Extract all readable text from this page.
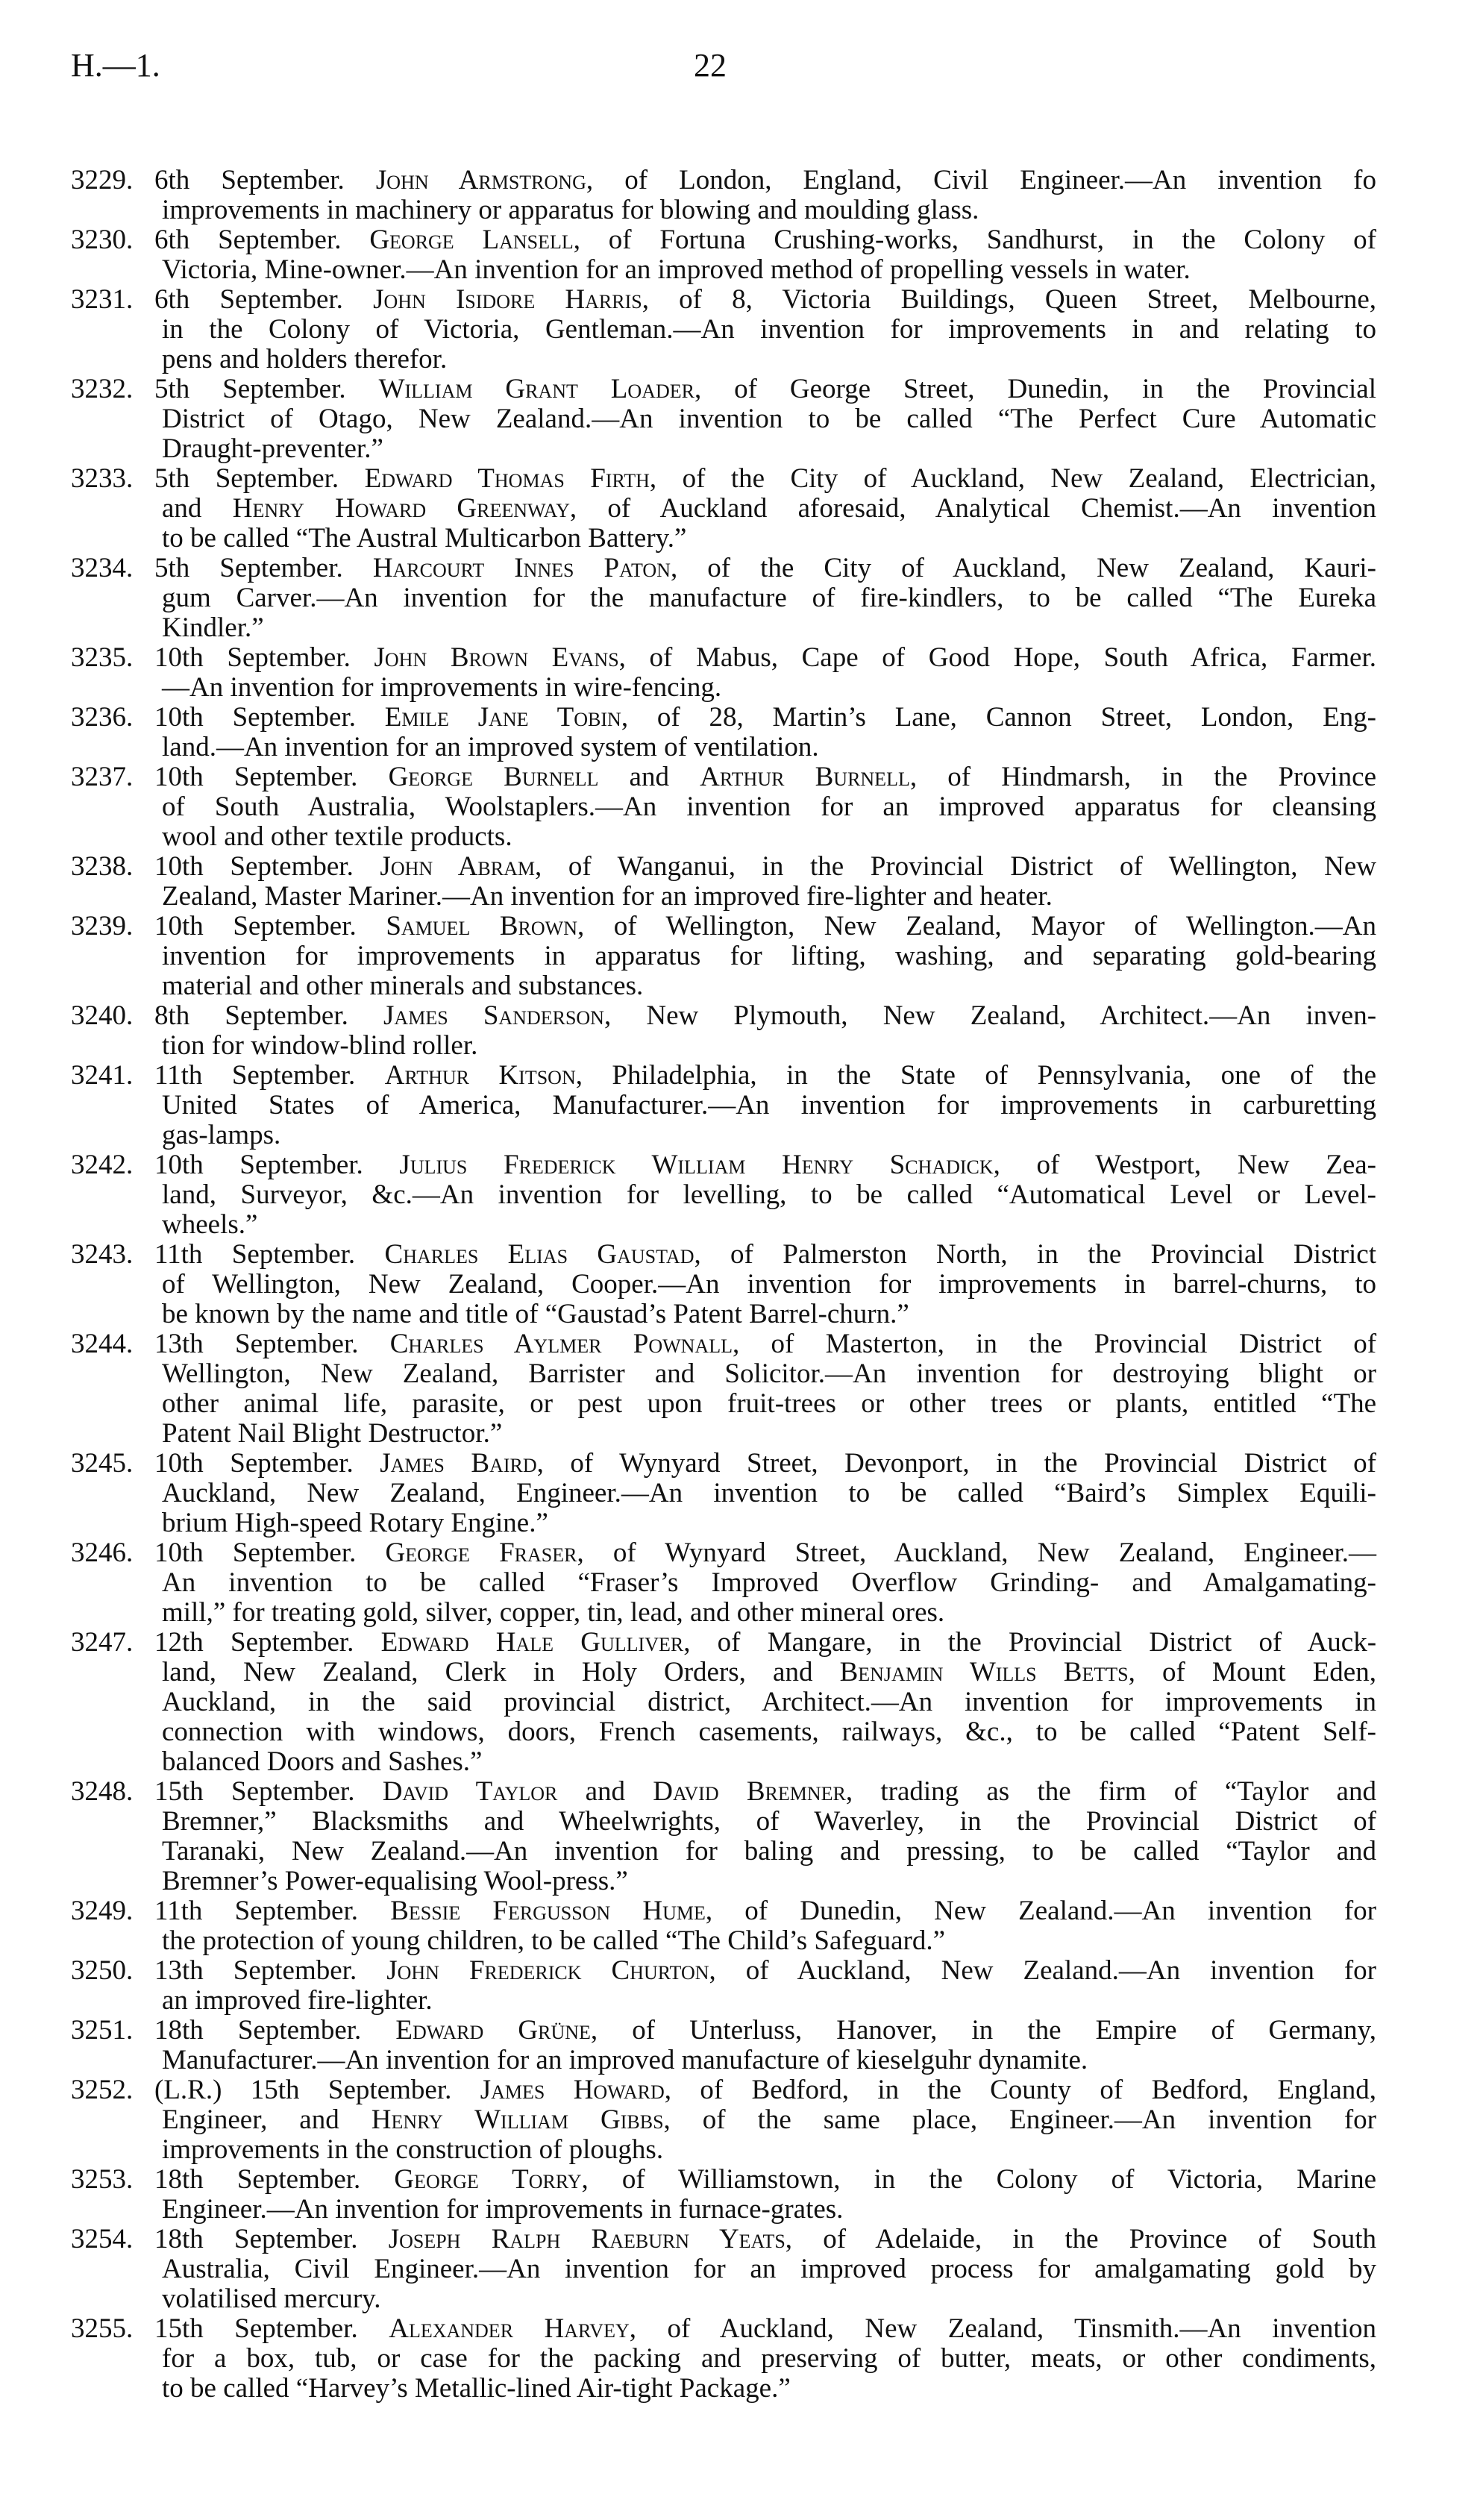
H.—1.	22
3229. 6th September. John Armstrong, of London, England, Civil Engineer.—An invention fo
improvements in machinery or apparatus for blowing and moulding glass.
3230. 6th September. George Lansell, of Fortuna Crushing-works, Sandhurst, in the Colony of
Victoria, Mine-owner.—An invention for an improved method of propelling vessels in water.
3231. 6th September. John Isidore Harris, of 8, Victoria Buildings, Queen Street, Melbourne,
in the Colony of Victoria, Gentleman.—An invention for improvements in and relating to
pens and holders therefor.
3232. 5th September. William Grant Loader, of George Street, Dunedin, in the Provincial
District of Otago, New Zealand.—An invention to be called “The Perfect Cure Automatic
Draught-preventer.”
3233. 5th September. Edward Thomas Firth, of the City of Auckland, New Zealand, Electrician,
and Henry Howard Greenway, of Auckland aforesaid, Analytical Chemist.—An invention
to be called “The Austral Multicarbon Battery.”
3234. 5th September. Harcourt Innes Paton, of the City of Auckland, New Zealand, Kauri-
gum Carver.—An invention for the manufacture of fire-kindlers, to be called “The Eureka
Kindler.”
3235. 10th September. John Brown Evans, of Mabus, Cape of Good Hope, South Africa, Farmer.
—An invention for improvements in wire-fencing.
3236. 10th September. Emile Jane Tobin, of 28, Martin’s Lane, Cannon Street, London, Eng-
land.—An invention for an improved system of ventilation.
3237. 10th September. George Burnell and Arthur Burnell, of Hindmarsh, in the Province
of South Australia, Woolstaplers.—An invention for an improved apparatus for cleansing
wool and other textile products.
3238. 10th September. John Abram, of Wanganui, in the Provincial District of Wellington, New
Zealand, Master Mariner.—An invention for an improved fire-lighter and heater.
3239. 10th September. Samuel Brown, of Wellington, New Zealand, Mayor of Wellington.—An
invention for improvements in apparatus for lifting, washing, and separating gold-bearing
material and other minerals and substances.
3240. 8th September. James Sanderson, New Plymouth, New Zealand, Architect.—An inven-
tion for window-blind roller.
3241. 11th September. Arthur Kitson, Philadelphia, in the State of Pennsylvania, one of the
United States of America, Manufacturer.—An invention for improvements in carburetting
gas-lamps.
3242. 10th September. Julius Frederick William Henry Schadick, of Westport, New Zea-
land, Surveyor, &c.—An invention for levelling, to be called “Automatical Level or Level-
wheels.”
3243. 11th September. Charles Elias Gaustad, of Palmerston North, in the Provincial District
of Wellington, New Zealand, Cooper.—An invention for improvements in barrel-churns, to
be known by the name and title of “Gaustad’s Patent Barrel-churn.”
3244. 13th September. Charles Aylmer Pownall, of Masterton, in the Provincial District of
Wellington, New Zealand, Barrister and Solicitor.—An invention for destroying blight or
other animal life, parasite, or pest upon fruit-trees or other trees or plants, entitled “The
Patent Nail Blight Destructor.”
3245. 10th September. James Baird, of Wynyard Street, Devonport, in the Provincial District of
Auckland, New Zealand, Engineer.—An invention to be called “Baird’s Simplex Equili-
brium High-speed Rotary Engine.”
3246. 10th September. George Fraser, of Wynyard Street, Auckland, New Zealand, Engineer.—
An invention to be called “Fraser’s Improved Overflow Grinding- and Amalgamating-
mill,” for treating gold, silver, copper, tin, lead, and other mineral ores.
3247. 12th September. Edward Hale Gulliver, of Mangare, in the Provincial District of Auck-
land, New Zealand, Clerk in Holy Orders, and Benjamin Wills Betts, of Mount Eden,
Auckland, in the said provincial district, Architect.—An invention for improvements in
connection with windows, doors, French casements, railways, &c., to be called “Patent Self-
balanced Doors and Sashes.”
3248. 15th September. David Taylor and David Bremner, trading as the firm of “Taylor and
Bremner,” Blacksmiths and Wheelwrights, of Waverley, in the Provincial District of
Taranaki, New Zealand.—An invention for baling and pressing, to be called “Taylor and
Bremner’s Power-equalising Wool-press.”
3249. 11th September. Bessie Fergusson Hume, of Dunedin, New Zealand.—An invention for
the protection of young children, to be called “The Child’s Safeguard.”
3250. 13th September. John Frederick Churton, of Auckland, New Zealand.—An invention for
an improved fire-lighter.
3251. 18th September. Edward Grüne, of Unterluss, Hanover, in the Empire of Germany,
Manufacturer.—An invention for an improved manufacture of kieselguhr dynamite.
3252. (L.R.) 15th September. James Howard, of Bedford, in the County of Bedford, England,
Engineer, and Henry William Gibbs, of the same place, Engineer.—An invention for
improvements in the construction of ploughs.
3253. 18th September. George Torry, of Williamstown, in the Colony of Victoria, Marine
Engineer.—An invention for improvements in furnace-grates.
3254. 18th September. Joseph Ralph Raeburn Yeats, of Adelaide, in the Province of South
Australia, Civil Engineer.—An invention for an improved process for amalgamating gold by
volatilised mercury.
3255. 15th September. Alexander Harvey, of Auckland, New Zealand, Tinsmith.—An invention
for a box, tub, or case for the packing and preserving of butter, meats, or other condiments,
to be called “Harvey’s Metallic-lined Air-tight Package.”
